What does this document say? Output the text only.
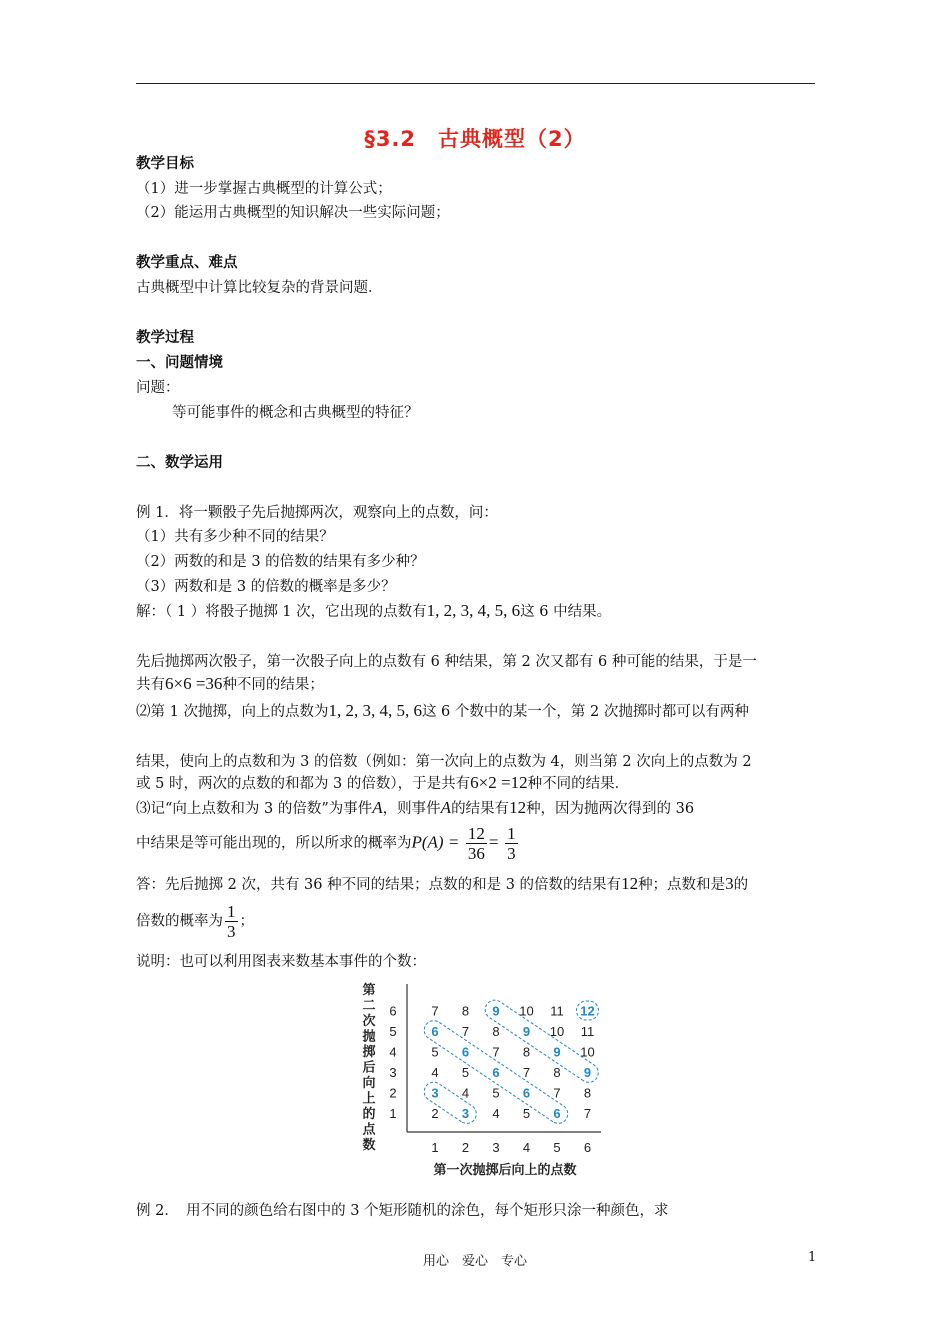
§3.2　古典概型（2）
教学目标
（1）进一步掌握古典概型的计算公式；
（2）能运用古典概型的知识解决一些实际问题；
教学重点、难点
古典概型中计算比较复杂的背景问题．
教学过程
一、问题情境
问题：
等可能事件的概念和古典概型的特征？
二、数学运用
例 1．将一颗骰子先后抛掷两次，观察向上的点数，问：
（1）共有多少种不同的结果？
（2）两数的和是 3 的倍数的结果有多少种？
（3）两数和是 3 的倍数的概率是多少？
解：（ 1 ）将骰子抛掷 1 次，它出现的点数有1, 2, 3, 4, 5, 6这 6 中结果。
先后抛掷两次骰子，第一次骰子向上的点数有 6 种结果，第 2 次又都有 6 种可能的结果，于是一
共有6×6 =36种不同的结果；
⑵第 1 次抛掷，向上的点数为1, 2, 3, 4, 5, 6这 6 个数中的某一个，第 2 次抛掷时都可以有两种
结果，使向上的点数和为 3 的倍数（例如：第一次向上的点数为 4，则当第 2 次向上的点数为 2
或 5 时，两次的点数的和都为 3 的倍数），于是共有6×2 =12种不同的结果．
⑶记“向上点数和为 3 的倍数”为事件A，则事件A的结果有12种，因为抛两次得到的 36
中结果是等可能出现的，所以所求的概率为$P(A) = \frac{12}{36} = \frac{1}{3}$
答：先后抛掷 2 次，共有 36 种不同的结果；点数的和是 3 的倍数的结果有12种；点数和是3的
倍数的概率为 $\frac{1}{3}$ ；
说明：也可以利用图表来数基本事件的个数：
2 3 4 5 6 7
3 4 5 6 7 8
4 5 6 7 8 9
5 6 7 8 9 10
6 7 8 9 10 11
7 8 9 10 11 12
1
2
3
4
5
6
1 2 3 4 5 6
第一次抛掷后向上的点数
第二次抛掷后向上的点数
例 2．　用不同的颜色给右图中的 3 个矩形随机的涂色，每个矩形只涂一种颜色，求
用心　爱心　专心	1
